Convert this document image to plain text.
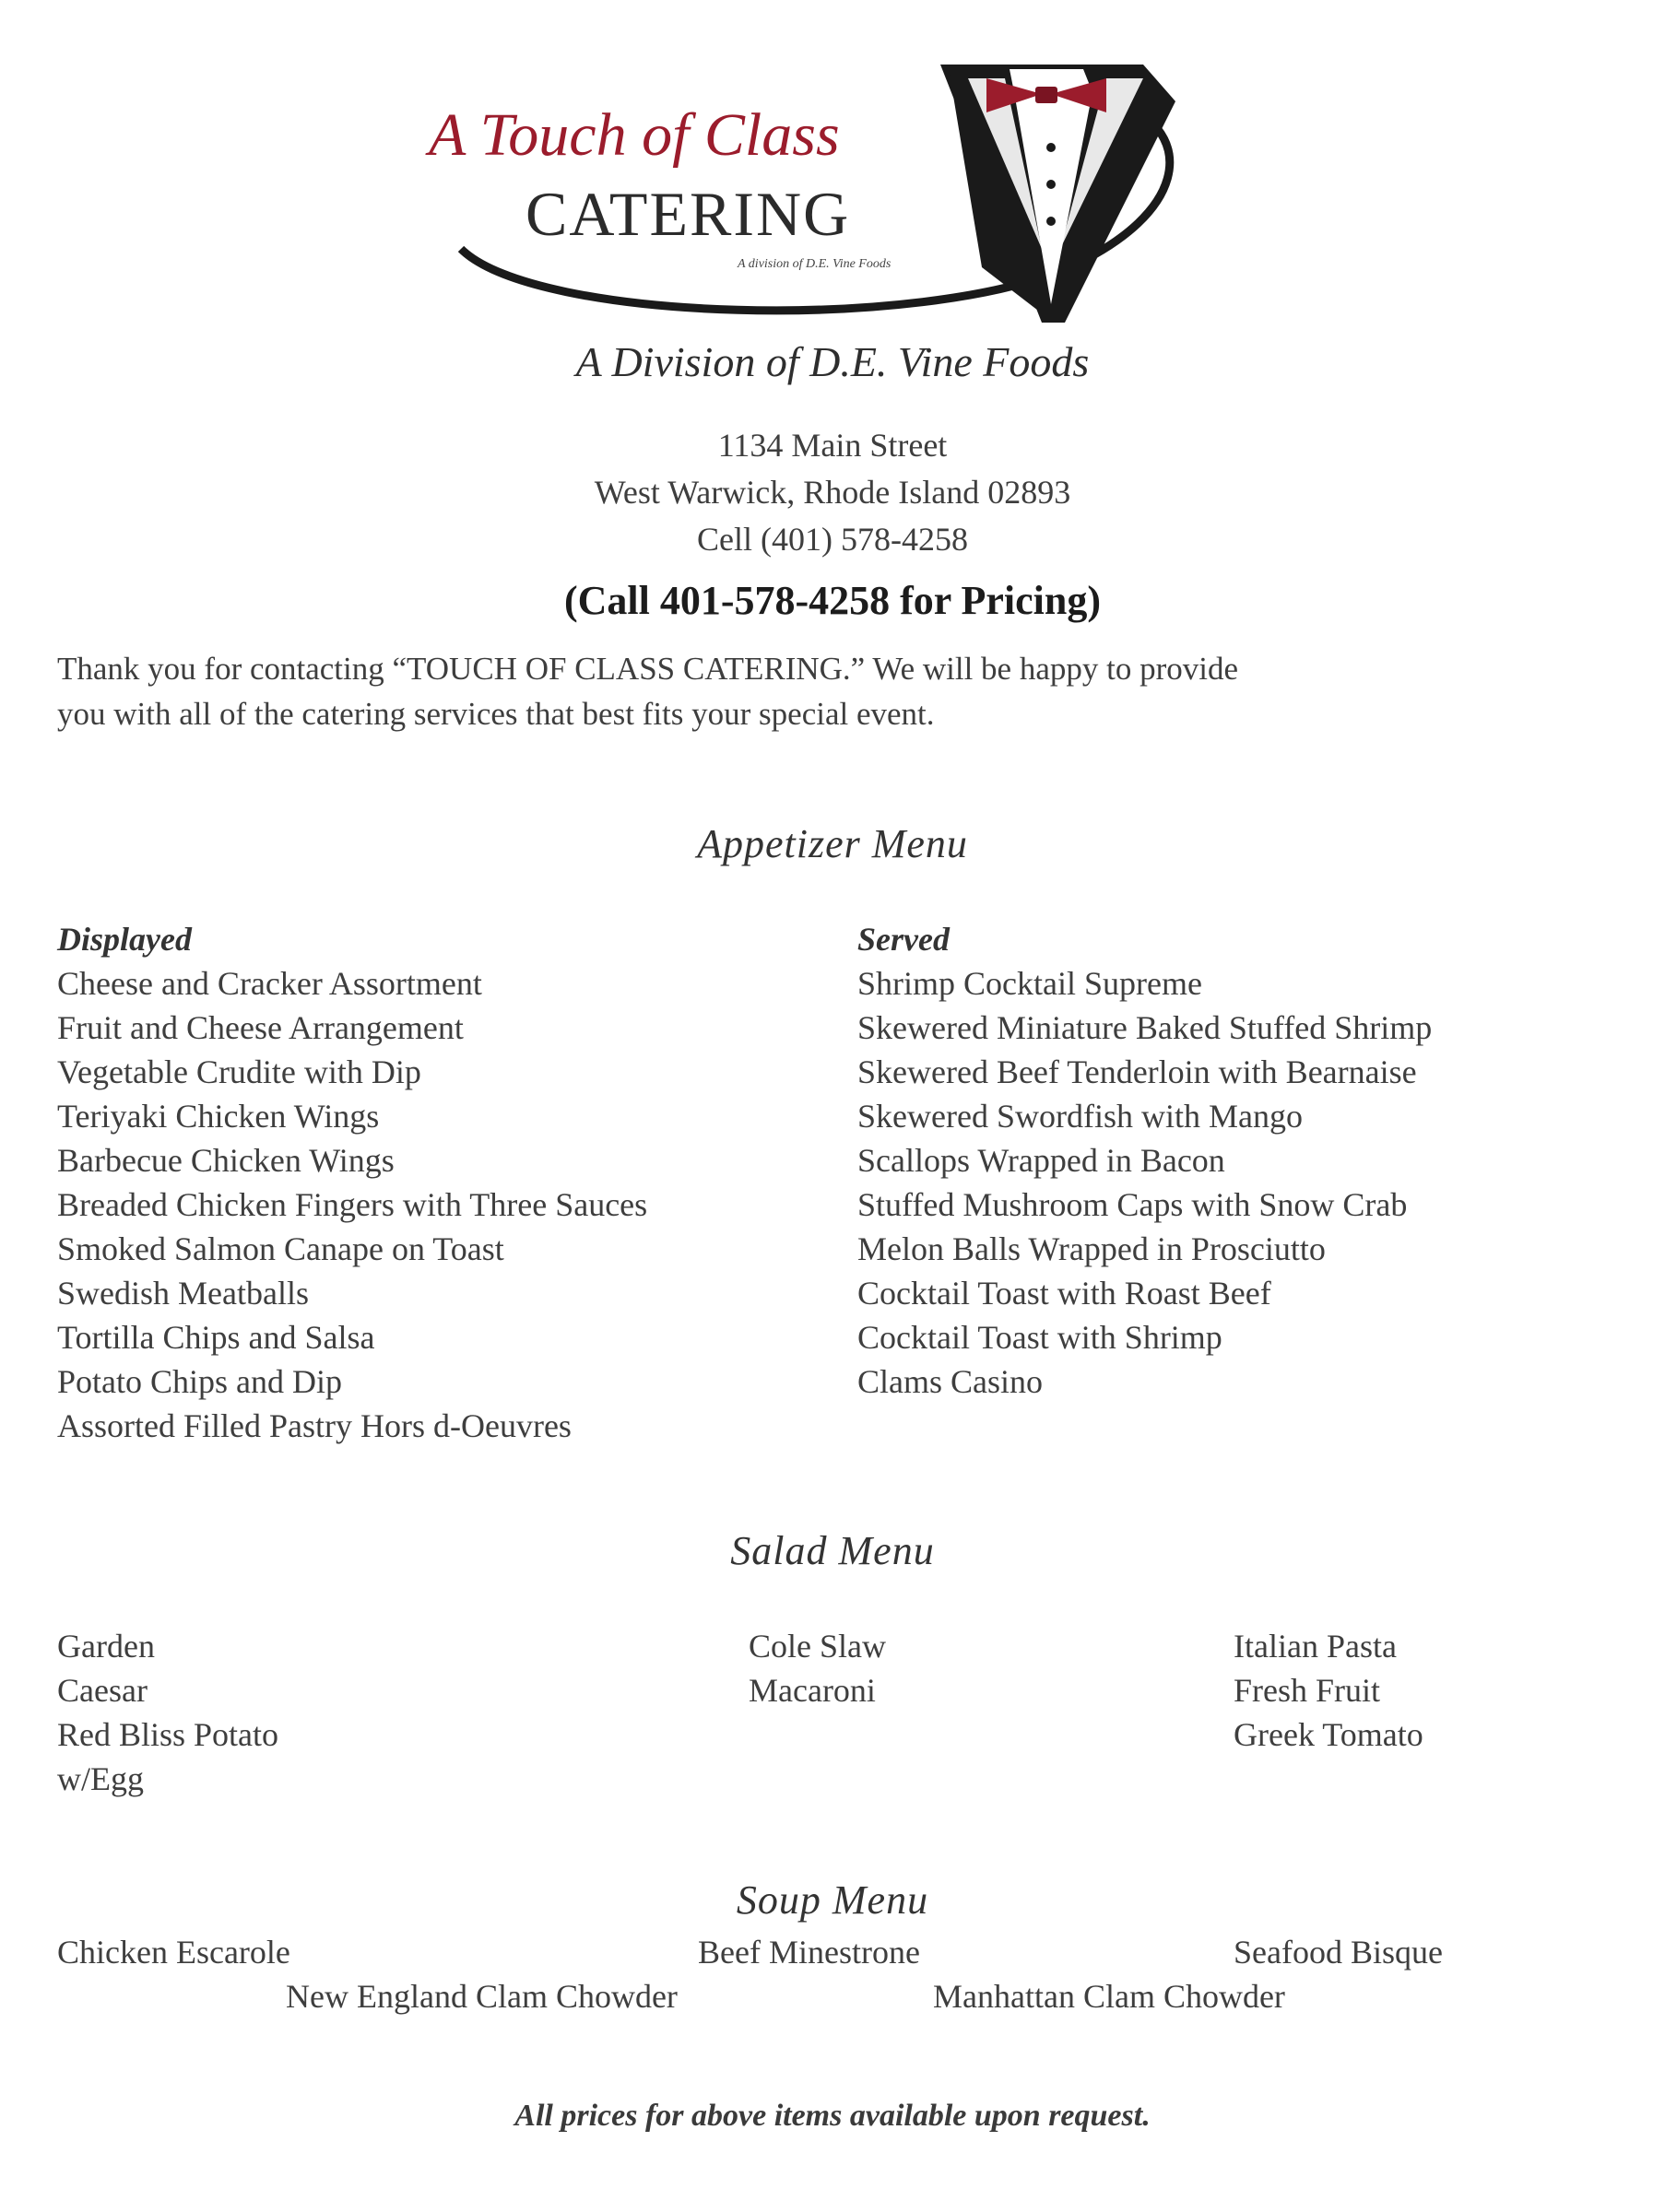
A Touch of Class
CATERING
A division of D.E. Vine Foods
A Division of D.E. Vine Foods
1134 Main Street
West Warwick, Rhode Island 02893
Cell (401) 578-4258
(Call 401-578-4258 for Pricing)
Thank you for contacting “TOUCH OF CLASS CATERING.” We will be happy to provide
you with all of the catering services that best fits your special event.
Appetizer Menu
Displayed
Cheese and Cracker Assortment
Fruit and Cheese Arrangement
Vegetable Crudite with Dip
Teriyaki Chicken Wings
Barbecue Chicken Wings
Breaded Chicken Fingers with Three Sauces
Smoked Salmon Canape on Toast
Swedish Meatballs
Tortilla Chips and Salsa
Potato Chips and Dip
Assorted Filled Pastry Hors d-Oeuvres
Served
Shrimp Cocktail Supreme
Skewered Miniature Baked Stuffed Shrimp
Skewered Beef Tenderloin with Bearnaise
Skewered Swordfish with Mango
Scallops Wrapped in Bacon
Stuffed Mushroom Caps with Snow Crab
Melon Balls Wrapped in Prosciutto
Cocktail Toast with Roast Beef
Cocktail Toast with Shrimp
Clams Casino
Salad Menu
Garden
Caesar
Red Bliss Potato
w/Egg
Cole Slaw
Macaroni
Italian Pasta
Fresh Fruit
Greek Tomato
Soup Menu
Chicken Escarole	Beef Minestrone	Seafood Bisque
New England Clam Chowder	Manhattan Clam Chowder
All prices for above items available upon request.
